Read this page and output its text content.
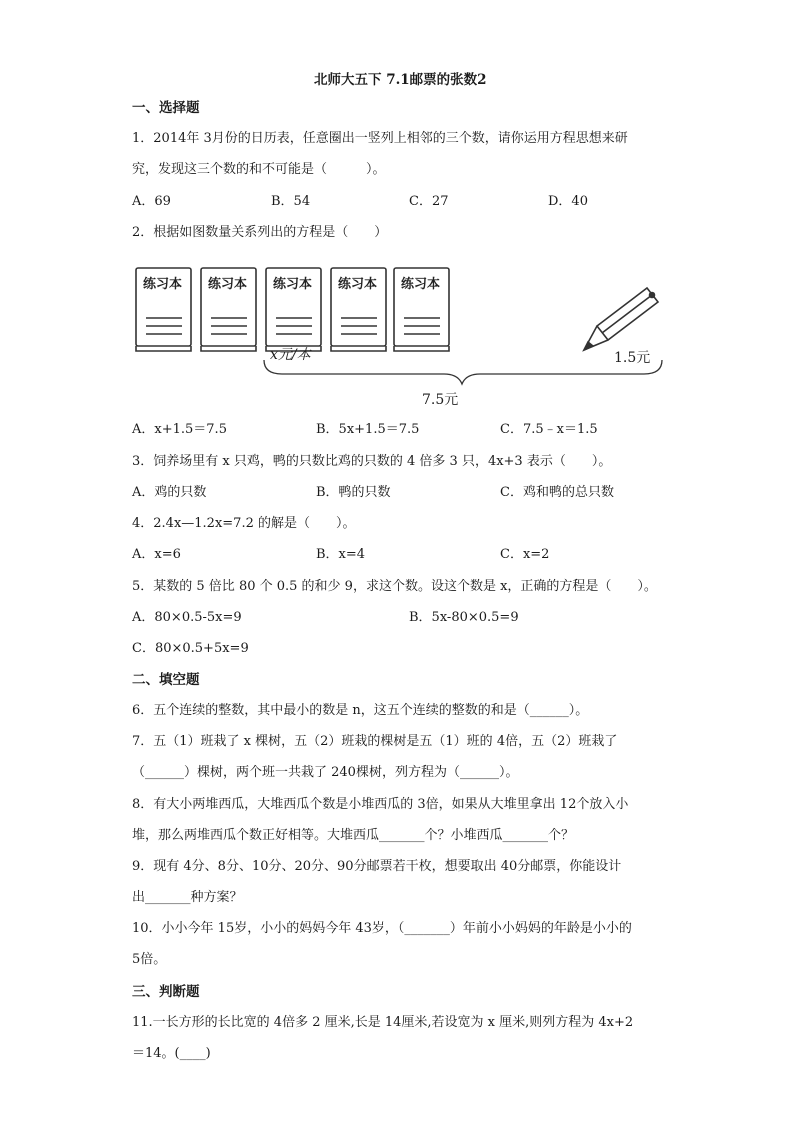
北师大五下 7.1邮票的张数2
一、选择题
1．2014年 3月份的日历表，任意圈出一竖列上相邻的三个数，请你运用方程思想来研
究，发现这三个数的和不可能是（　　　）。
A．69	B．54	C．27	D．40
2．根据如图数量关系列出的方程是（　　）
练习本 练习本 练习本 练习本 练习本
x元/本	1.5元
7.5元
A．x+1.5＝7.5	B．5x+1.5＝7.5	C．7.5﹣x＝1.5
3．饲养场里有 x 只鸡，鸭的只数比鸡的只数的 4 倍多 3 只，4x+3 表示（　　）。
A．鸡的只数	B．鸭的只数	C．鸡和鸭的总只数
4．2.4x—1.2x=7.2 的解是（　　）。
A．x=6	B．x=4	C．x=2
5．某数的 5 倍比 80 个 0.5 的和少 9，求这个数。设这个数是 x，正确的方程是（　　）。
A．80×0.5-5x=9	B．5x-80×0.5=9
C．80×0.5+5x=9
二、填空题
6．五个连续的整数，其中最小的数是 n，这五个连续的整数的和是（______）。
7．五（1）班栽了 x 棵树，五（2）班栽的棵树是五（1）班的 4倍，五（2）班栽了
（______）棵树，两个班一共栽了 240棵树，列方程为（______）。
8．有大小两堆西瓜，大堆西瓜个数是小堆西瓜的 3倍，如果从大堆里拿出 12个放入小
堆，那么两堆西瓜个数正好相等。大堆西瓜_______个？小堆西瓜_______个？
9．现有 4分、8分、10分、20分、90分邮票若干枚，想要取出 40分邮票，你能设计
出_______种方案？
10．小小今年 15岁，小小的妈妈今年 43岁，（_______）年前小小妈妈的年龄是小小的
5倍。
三、判断题
11.一长方形的长比宽的 4倍多 2 厘米,长是 14厘米,若设宽为 x 厘米,则列方程为 4x+2
＝14。(____)
